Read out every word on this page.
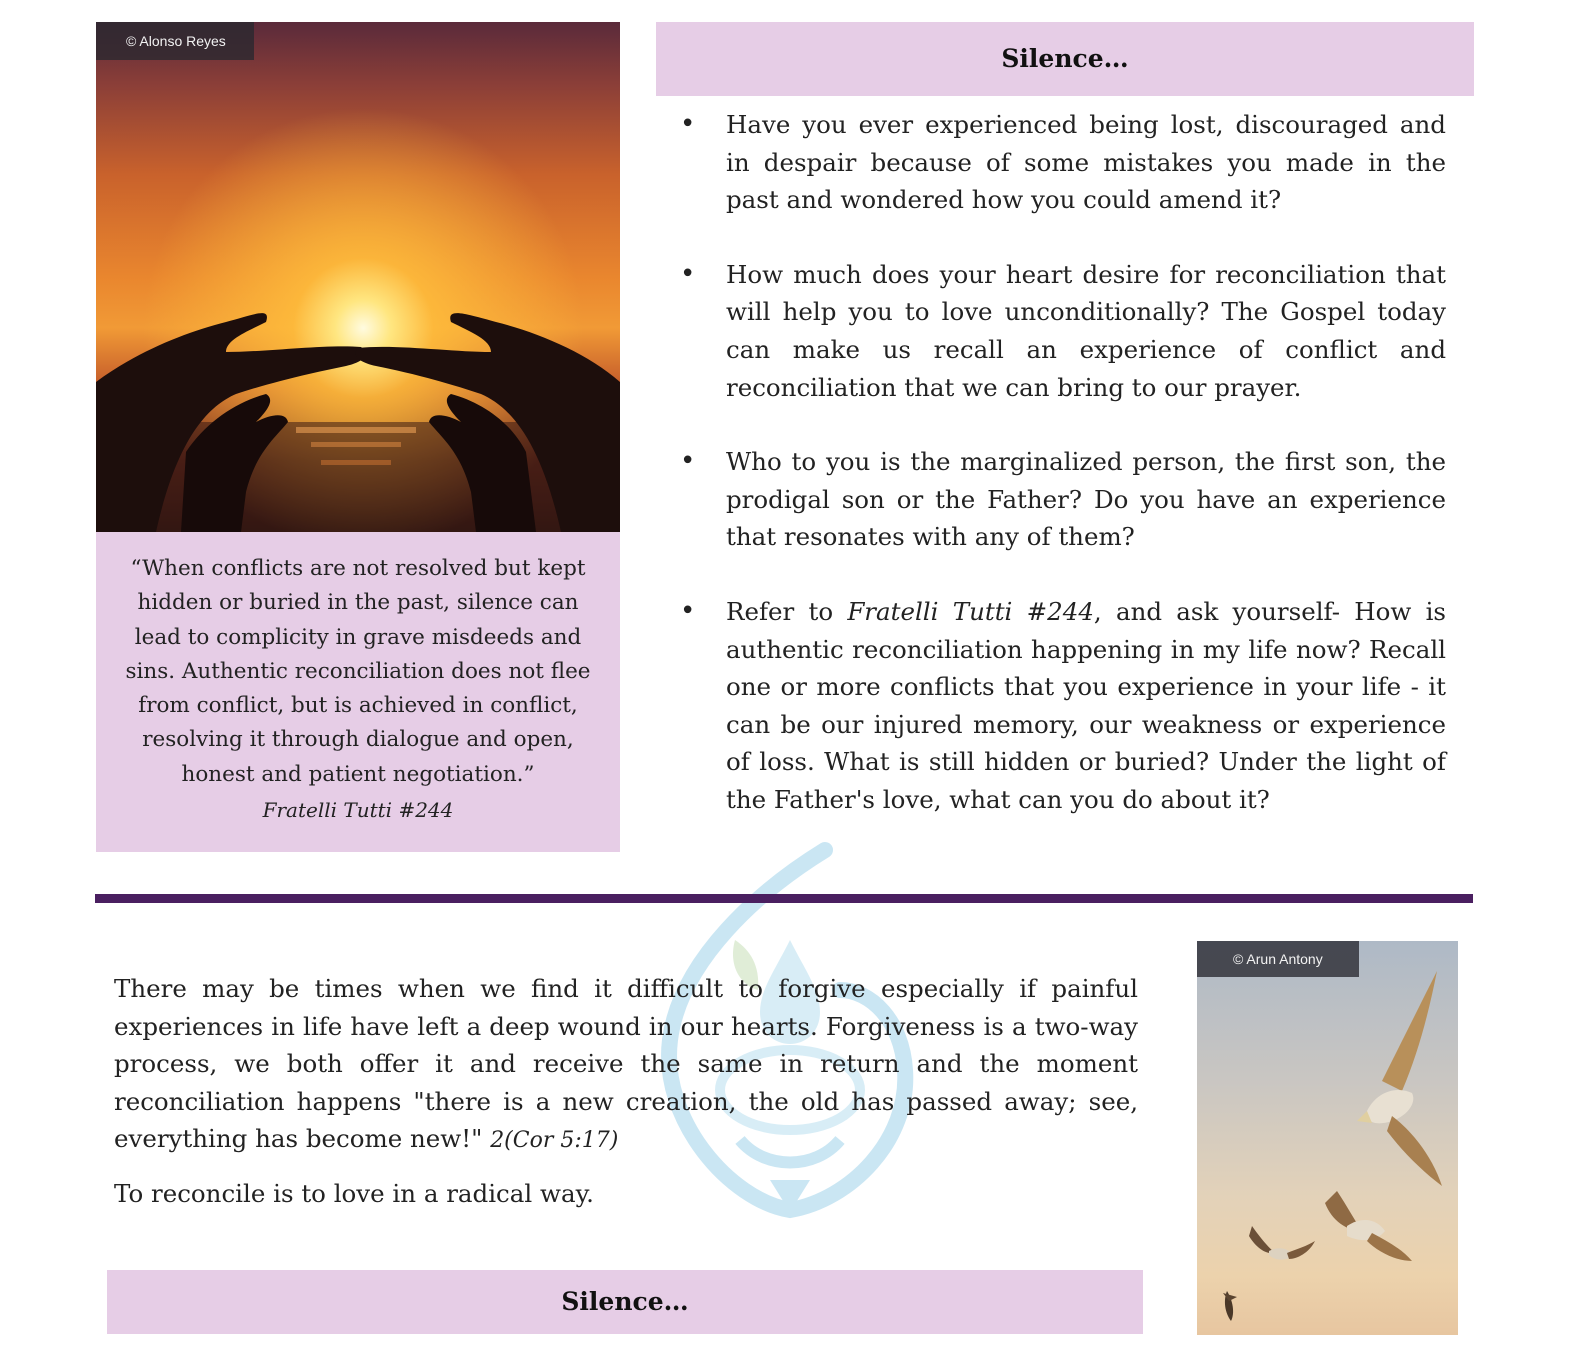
© Alonso Reyes
“When conflicts are not resolved but kept hidden or buried in the past, silence can lead to complicity in grave misdeeds and sins. Authentic reconciliation does not flee from conflict, but is achieved in conflict, resolving it through dialogue and open, honest and patient negotiation.”
Fratelli Tutti #244
Silence…
• Have you ever experienced being lost, discouraged and in despair because of some mistakes you made in the past and wondered how you could amend it?
• How much does your heart desire for reconciliation that will help you to love unconditionally? The Gospel today can make us recall an experience of conflict and reconciliation that we can bring to our prayer.
• Who to you is the marginalized person, the first son, the prodigal son or the Father? Do you have an experience that resonates with any of them?
• Refer to Fratelli Tutti #244, and ask yourself- How is authentic reconciliation happening in my life now? Recall one or more conflicts that you experience in your life - it can be our injured memory, our weakness or experience of loss. What is still hidden or buried? Under the light of the Father's love, what can you do about it?

There may be times when we find it difficult to forgive especially if painful experiences in life have left a deep wound in our hearts. Forgiveness is a two-way process, we both offer it and receive the same in return and the moment reconciliation happens "there is a new creation, the old has passed away; see, everything has become new!" 2(Cor 5:17)

To reconcile is to love in a radical way.

Silence…
© Arun Antony
